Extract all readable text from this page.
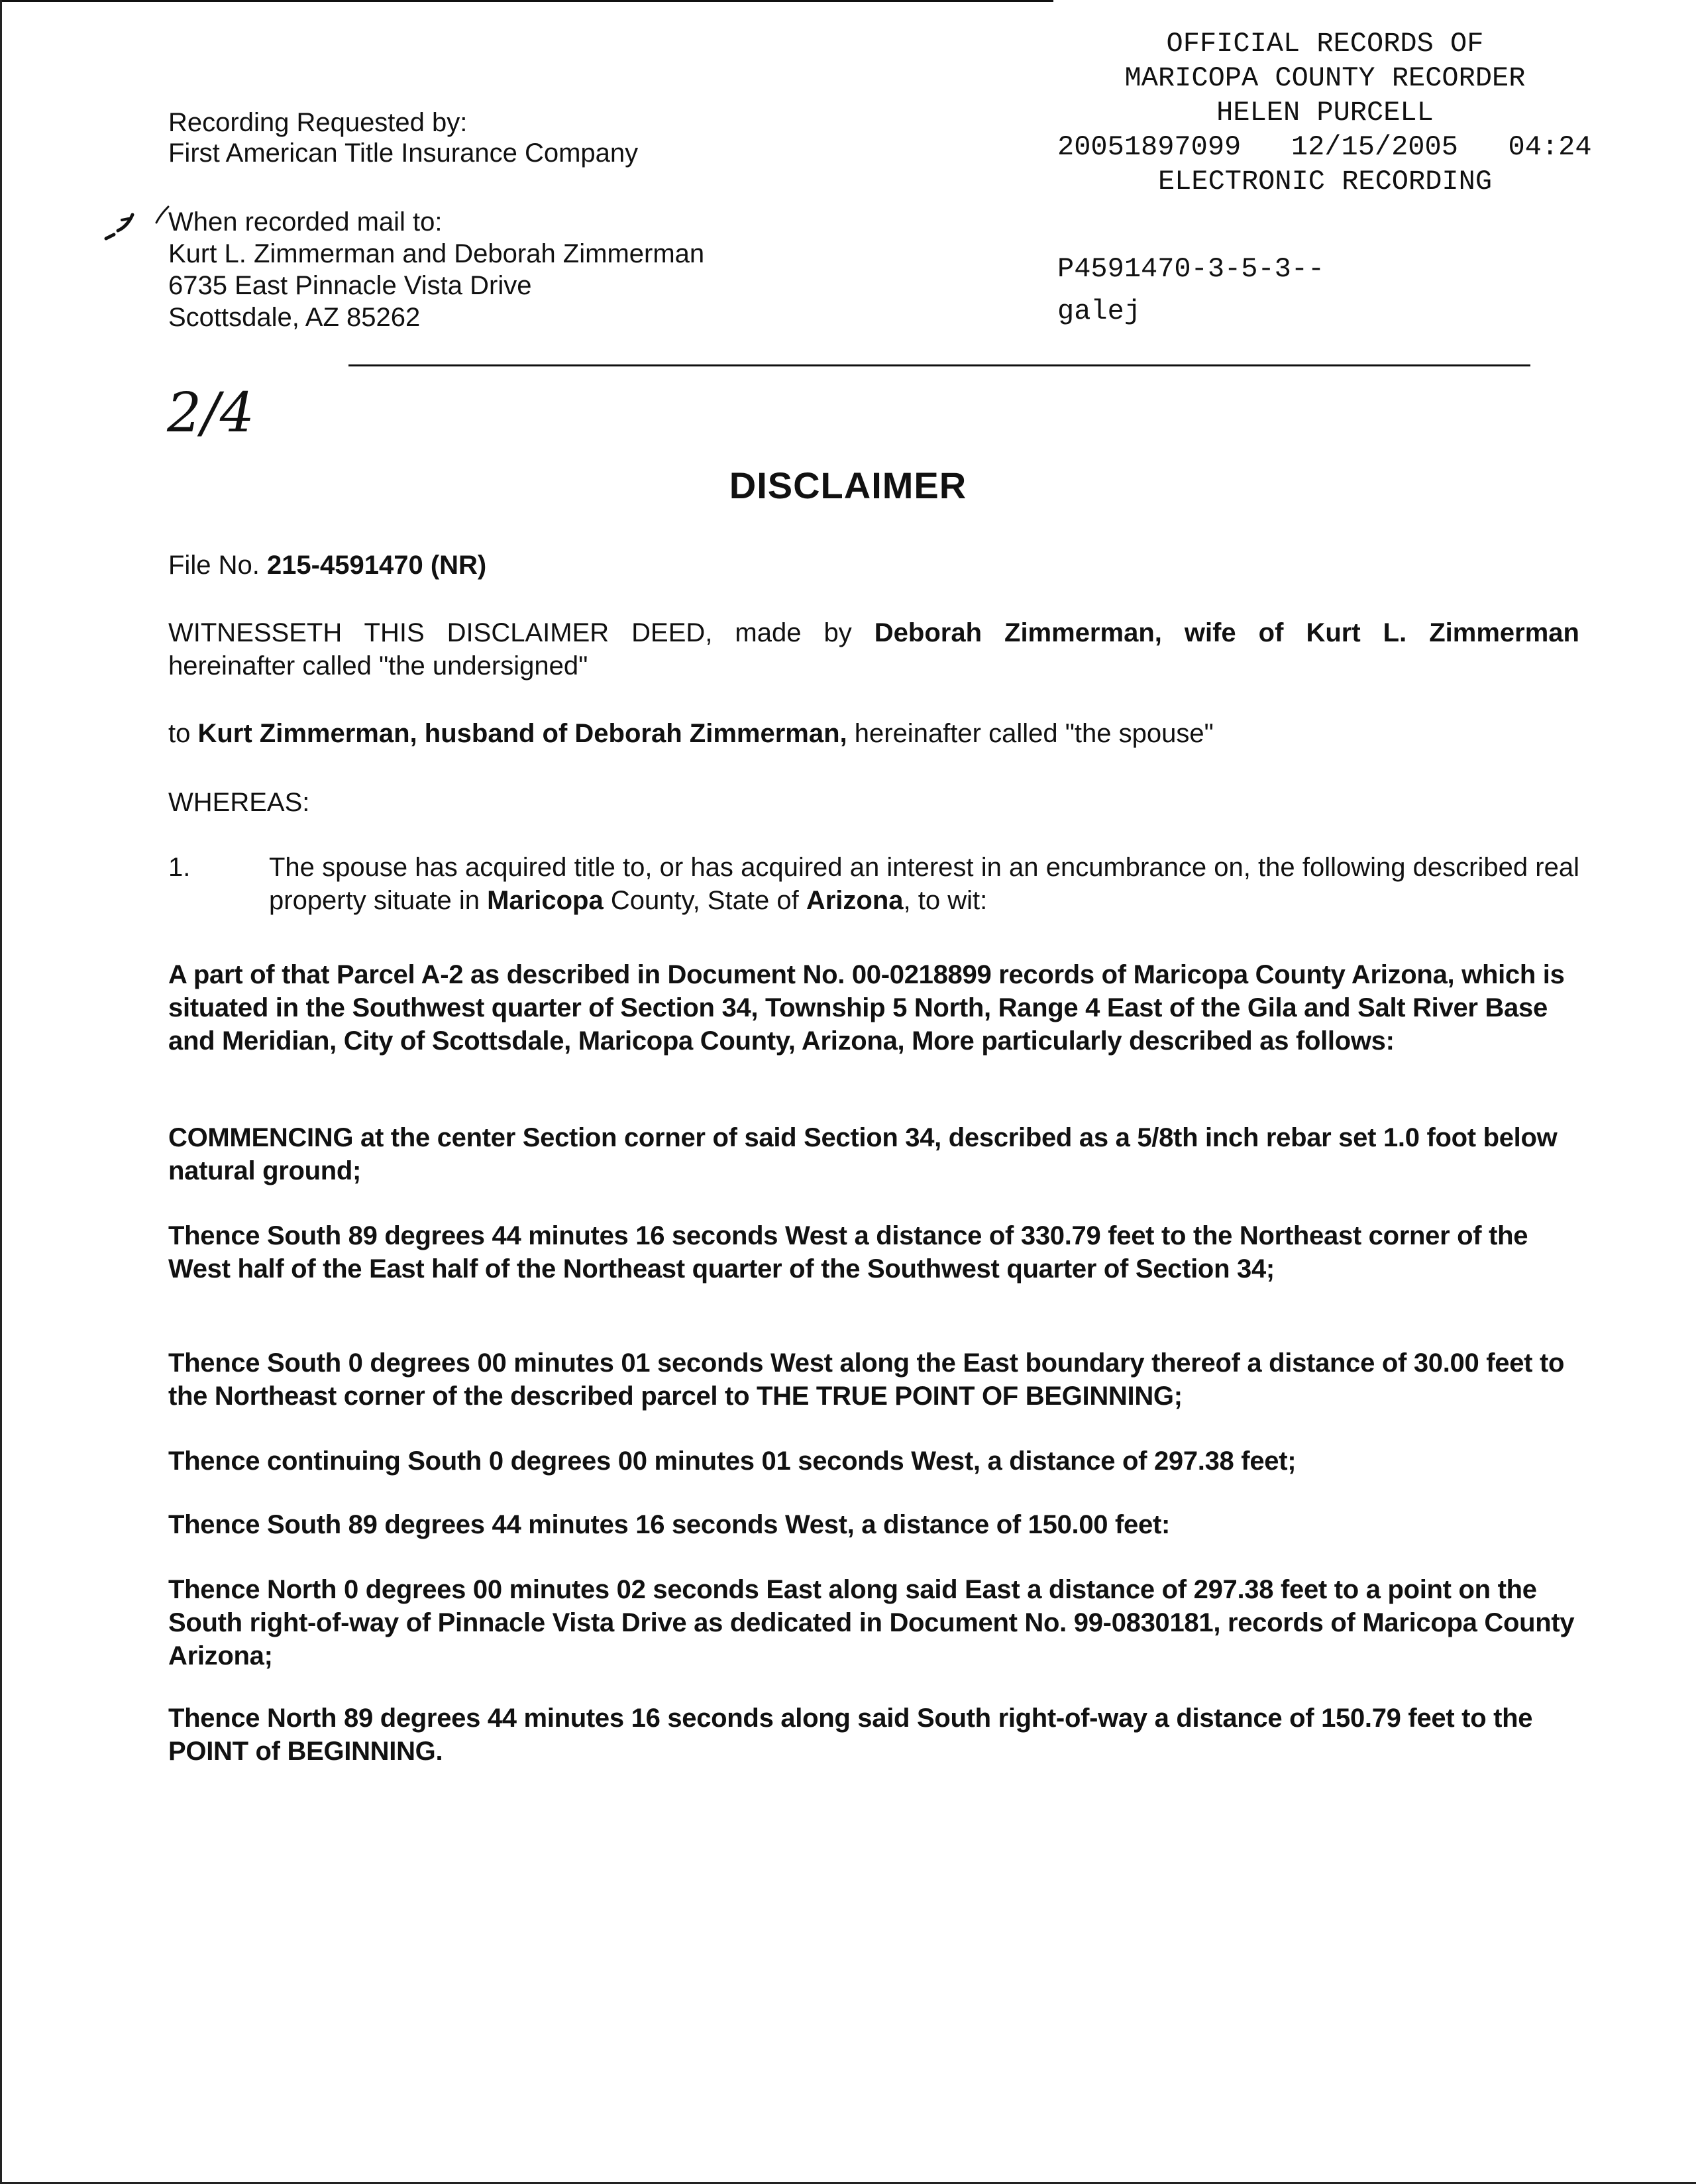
OFFICIAL RECORDS OF
MARICOPA COUNTY RECORDER
HELEN PURCELL
20051897099 12/15/2005 04:24
ELECTRONIC RECORDING
P4591470-3-5-3--
galej
Recording Requested by:
First American Title Insurance Company
When recorded mail to:
Kurt L. Zimmerman and Deborah Zimmerman
6735 East Pinnacle Vista Drive
Scottsdale, AZ 85262
2/4
DISCLAIMER
File No. 215-4591470 (NR)
WITNESSETH THIS DISCLAIMER DEED, made by Deborah Zimmerman, wife of Kurt L. Zimmerman
hereinafter called "the undersigned"
to Kurt Zimmerman, husband of Deborah Zimmerman, hereinafter called "the spouse"
WHEREAS:
1.	The spouse has acquired title to, or has acquired an interest in an encumbrance on, the following described real property situate in Maricopa County, State of Arizona, to wit:
A part of that Parcel A-2 as described in Document No. 00-0218899 records of Maricopa County Arizona, which is situated in the Southwest quarter of Section 34, Township 5 North, Range 4 East of the Gila and Salt River Base and Meridian, City of Scottsdale, Maricopa County, Arizona, More particularly described as follows:
COMMENCING at the center Section corner of said Section 34, described as a 5/8th inch rebar set 1.0 foot below natural ground;
Thence South 89 degrees 44 minutes 16 seconds West a distance of 330.79 feet to the Northeast corner of the West half of the East half of the Northeast quarter of the Southwest quarter of Section 34;
Thence South 0 degrees 00 minutes 01 seconds West along the East boundary thereof a distance of 30.00 feet to the Northeast corner of the described parcel to THE TRUE POINT OF BEGINNING;
Thence continuing South 0 degrees 00 minutes 01 seconds West, a distance of 297.38 feet;
Thence South 89 degrees 44 minutes 16 seconds West, a distance of 150.00 feet:
Thence North 0 degrees 00 minutes 02 seconds East along said East a distance of 297.38 feet to a point on the South right-of-way of Pinnacle Vista Drive as dedicated in Document No. 99-0830181, records of Maricopa County Arizona;
Thence North 89 degrees 44 minutes 16 seconds along said South right-of-way a distance of 150.79 feet to the POINT of BEGINNING.
